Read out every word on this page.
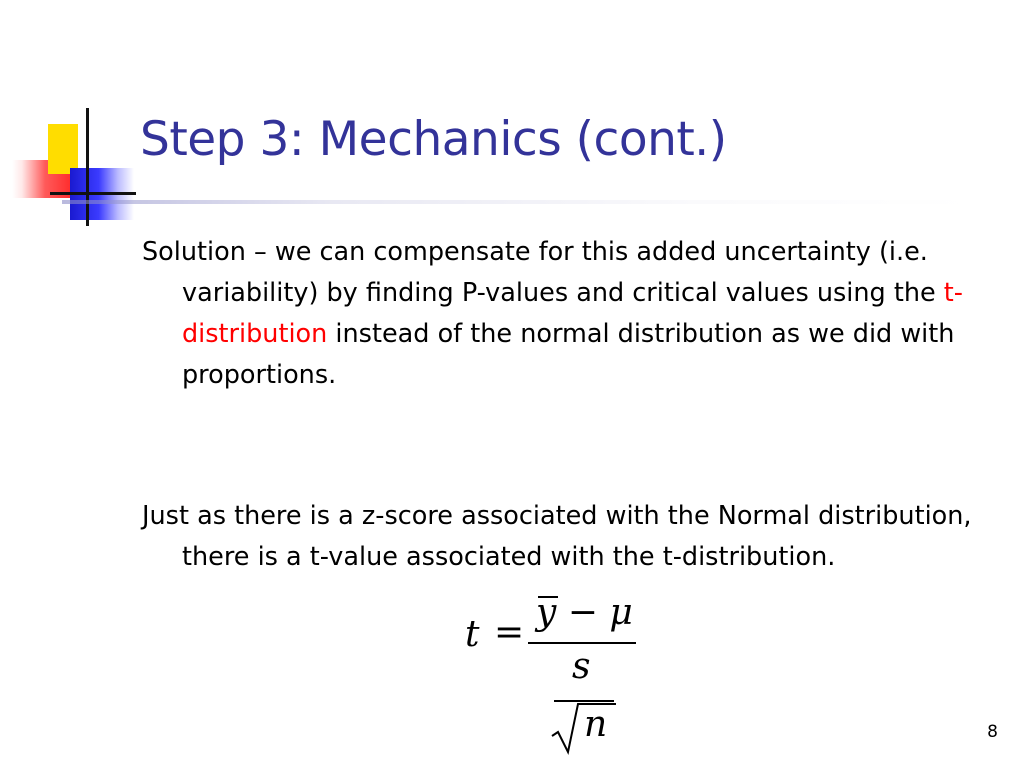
Step 3: Mechanics (cont.)

Solution – we can compensate for this added uncertainty (i.e. variability) by finding P-values and critical values using the t-distribution instead of the normal distribution as we did with proportions.

Just as there is a z-score associated with the Normal distribution, there is a t-value associated with the t-distribution.

t = y − μ
s
n	8
